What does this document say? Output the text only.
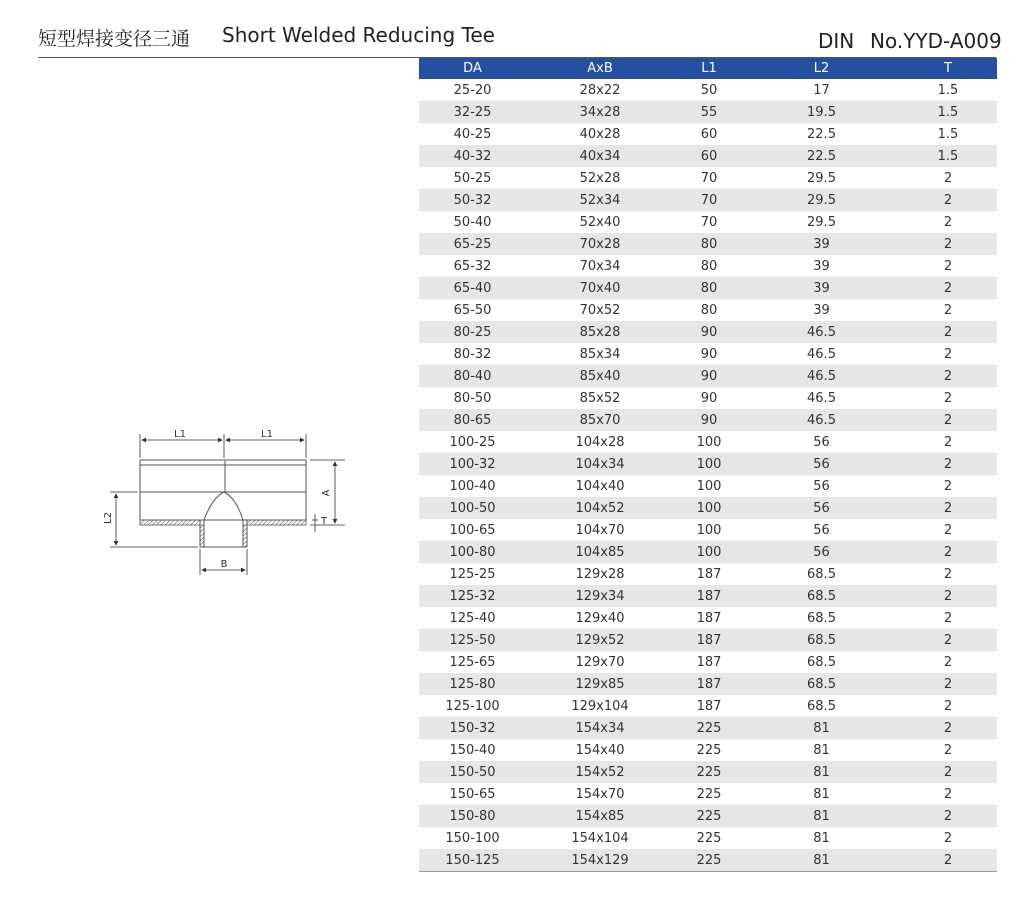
短型焊接变径三通 Short Welded Reducing Tee	DIN No.YYD-A009
L1	L1
A
T
L2
B
DA	AxB	L1	L2	T
25-20	28x22	50	17	1.5
32-25	34x28	55	19.5	1.5
40-25	40x28	60	22.5	1.5
40-32	40x34	60	22.5	1.5
50-25	52x28	70	29.5	2
50-32	52x34	70	29.5	2
50-40	52x40	70	29.5	2
65-25	70x28	80	39	2
65-32	70x34	80	39	2
65-40	70x40	80	39	2
65-50	70x52	80	39	2
80-25	85x28	90	46.5	2
80-32	85x34	90	46.5	2
80-40	85x40	90	46.5	2
80-50	85x52	90	46.5	2
80-65	85x70	90	46.5	2
100-25	104x28	100	56	2
100-32	104x34	100	56	2
100-40	104x40	100	56	2
100-50	104x52	100	56	2
100-65	104x70	100	56	2
100-80	104x85	100	56	2
125-25	129x28	187	68.5	2
125-32	129x34	187	68.5	2
125-40	129x40	187	68.5	2
125-50	129x52	187	68.5	2
125-65	129x70	187	68.5	2
125-80	129x85	187	68.5	2
125-100	129x104	187	68.5	2
150-32	154x34	225	81	2
150-40	154x40	225	81	2
150-50	154x52	225	81	2
150-65	154x70	225	81	2
150-80	154x85	225	81	2
150-100	154x104	225	81	2
150-125	154x129	225	81	2
